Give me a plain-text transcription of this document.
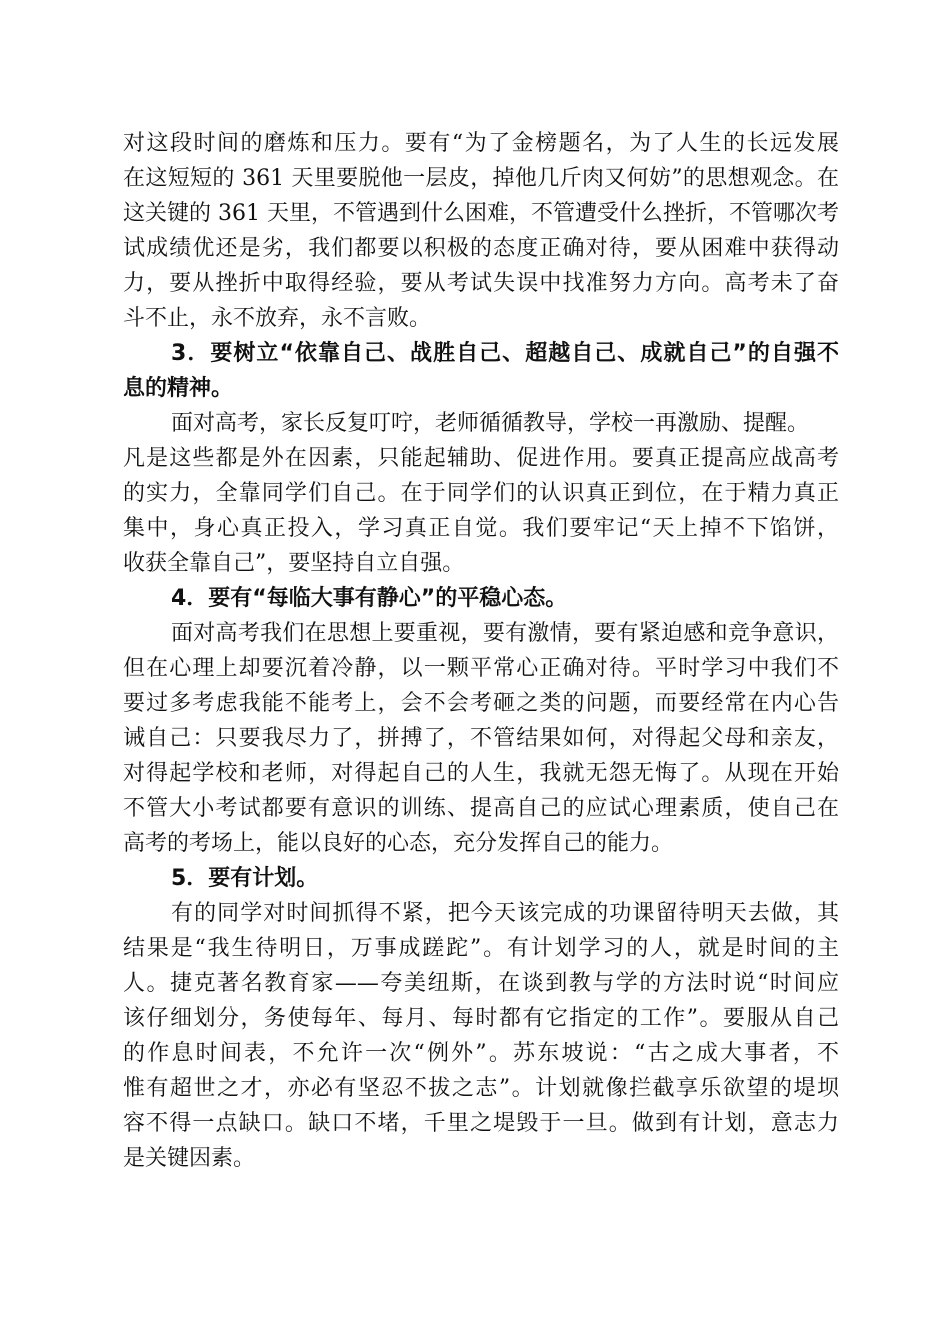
对这段时间的磨炼和压力。要有“为了金榜题名，为了人生的长远发展
在这短短的 361 天里要脱他一层皮，掉他几斤肉又何妨”的思想观念。在
这关键的 361 天里，不管遇到什么困难，不管遭受什么挫折，不管哪次考
试成绩优还是劣，我们都要以积极的态度正确对待，要从困难中获得动
力，要从挫折中取得经验，要从考试失误中找准努力方向。高考未了奋
斗不止，永不放弃，永不言败。
3．要树立“依靠自己、战胜自己、超越自己、成就自己”的自强不
息的精神。
面对高考，家长反复叮咛，老师循循教导，学校一再激励、提醒。
凡是这些都是外在因素，只能起辅助、促进作用。要真正提高应战高考
的实力，全靠同学们自己。在于同学们的认识真正到位，在于精力真正
集中，身心真正投入，学习真正自觉。我们要牢记“天上掉不下馅饼，
收获全靠自己”，要坚持自立自强。
4．要有“每临大事有静心”的平稳心态。
面对高考我们在思想上要重视，要有激情，要有紧迫感和竞争意识，
但在心理上却要沉着冷静，以一颗平常心正确对待。平时学习中我们不
要过多考虑我能不能考上，会不会考砸之类的问题，而要经常在内心告
诫自己：只要我尽力了，拼搏了，不管结果如何，对得起父母和亲友，
对得起学校和老师，对得起自己的人生，我就无怨无悔了。从现在开始
不管大小考试都要有意识的训练、提高自己的应试心理素质，使自己在
高考的考场上，能以良好的心态，充分发挥自己的能力。
5．要有计划。
有的同学对时间抓得不紧，把今天该完成的功课留待明天去做，其
结果是“我生待明日，万事成蹉跎”。有计划学习的人，就是时间的主
人。捷克著名教育家——夸美纽斯，在谈到教与学的方法时说“时间应
该仔细划分，务使每年、每月、每时都有它指定的工作”。要服从自己
的作息时间表，不允许一次“例外”。苏东坡说：“古之成大事者，不
惟有超世之才，亦必有坚忍不拔之志”。计划就像拦截享乐欲望的堤坝
容不得一点缺口。缺口不堵，千里之堤毁于一旦。做到有计划，意志力
是关键因素。
